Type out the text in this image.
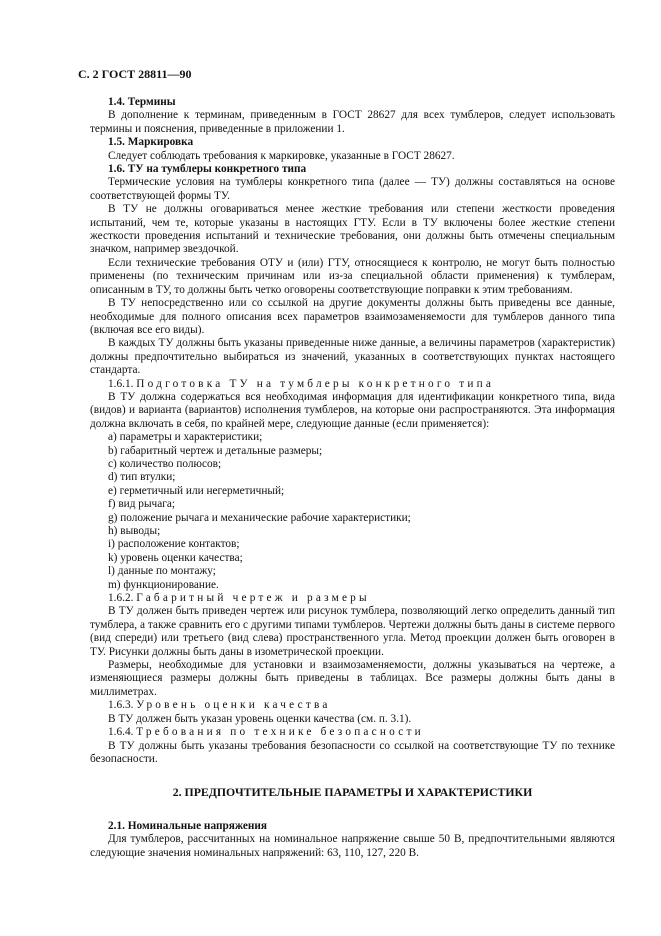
С. 2 ГОСТ 28811—90
1.4. Термины

В дополнение к терминам, приведенным в ГОСТ 28627 для всех тумблеров, следует использовать термины и пояснения, приведенные в приложении 1.

1.5. Маркировка

Следует соблюдать требования к маркировке, указанные в ГОСТ 28627.

1.6. ТУ на тумблеры конкретного типа

Термические условия на тумблеры конкретного типа (далее — ТУ) должны составляться на основе соответствующей формы ТУ.

В ТУ не должны оговариваться менее жесткие требования или степени жесткости проведения испытаний, чем те, которые указаны в настоящих ГТУ. Если в ТУ включены более жесткие степени жесткости проведения испытаний и технические требования, они должны быть отмечены специальным значком, например звездочкой.

Если технические требования ОТУ и (или) ГТУ, относящиеся к контролю, не могут быть полностью применены (по техническим причинам или из-за специальной области применения) к тумблерам, описанным в ТУ, то должны быть четко оговорены соответствующие поправки к этим требованиям.

В ТУ непосредственно или со ссылкой на другие документы должны быть приведены все данные, необходимые для полного описания всех параметров взаимозаменяемости для тумблеров данного типа (включая все его виды).

В каждых ТУ должны быть указаны приведенные ниже данные, а величины параметров (характеристик) должны предпочтительно выбираться из значений, указанных в соответствующих пунктах настоящего стандарта.

1.6.1. Подготовка ТУ на тумблеры конкретного типа

В ТУ должна содержаться вся необходимая информация для идентификации конкретного типа, вида (видов) и варианта (вариантов) исполнения тумблеров, на которые они распространяются. Эта информация должна включать в себя, по крайней мере, следующие данные (если применяется):

а) параметры и характеристики;
b) габаритный чертеж и детальные размеры;
с) количество полюсов;
d) тип втулки;
е) герметичный или негерметичный;
f) вид рычага;
g) положение рычага и механические рабочие характеристики;
h) выводы;
i) расположение контактов;
k) уровень оценки качества;
l) данные по монтажу;
m) функционирование.

1.6.2. Габаритный чертеж и размеры

В ТУ должен быть приведен чертеж или рисунок тумблера, позволяющий легко определить данный тип тумблера, а также сравнить его с другими типами тумблеров. Чертежи должны быть даны в системе первого (вид спереди) или третьего (вид слева) пространственного угла. Метод проекции должен быть оговорен в ТУ. Рисунки должны быть даны в изометрической проекции.

Размеры, необходимые для установки и взаимозаменяемости, должны указываться на чертеже, а изменяющиеся размеры должны быть приведены в таблицах. Все размеры должны быть даны в миллиметрах.

1.6.3. Уровень оценки качества

В ТУ должен быть указан уровень оценки качества (см. п. 3.1).

1.6.4. Требования по технике безопасности

В ТУ должны быть указаны требования безопасности со ссылкой на соответствующие ТУ по технике безопасности.

2. ПРЕДПОЧТИТЕЛЬНЫЕ ПАРАМЕТРЫ И ХАРАКТЕРИСТИКИ
2.1. Номинальные напряжения

Для тумблеров, рассчитанных на номинальное напряжение свыше 50 В, предпочтительными являются следующие значения номинальных напряжений: 63, 110, 127, 220 В.
